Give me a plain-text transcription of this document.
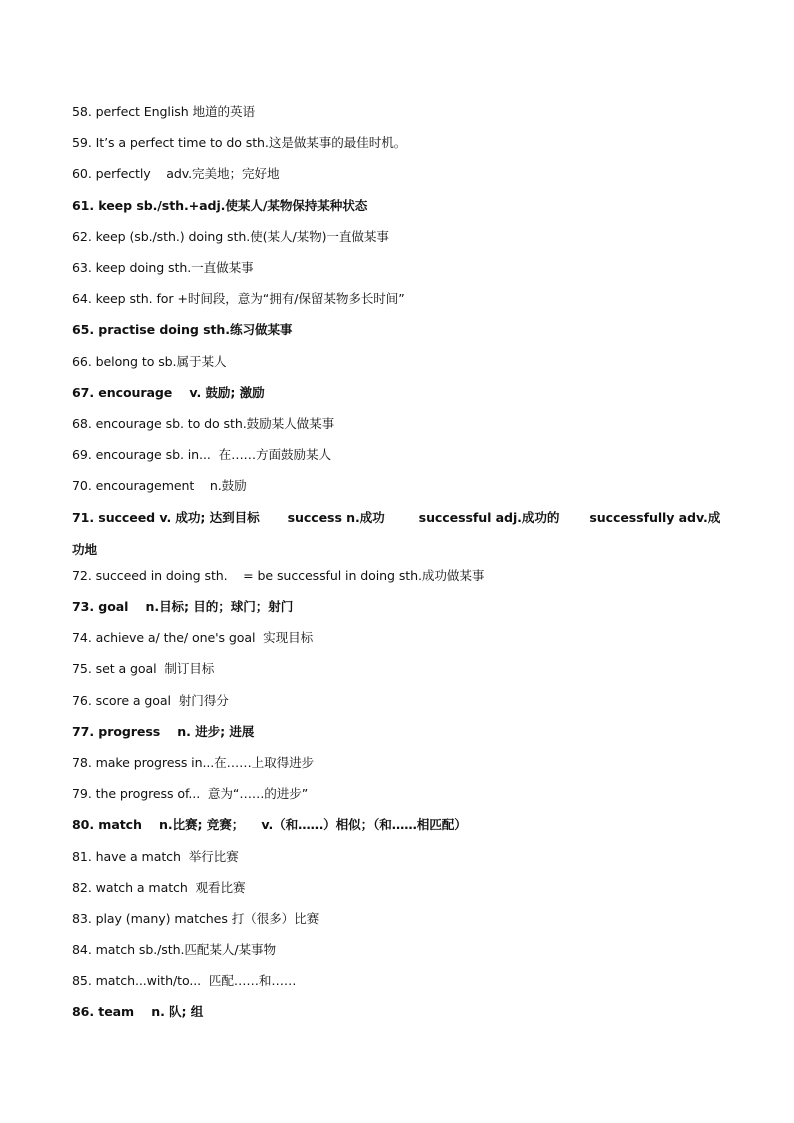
58. perfect English 地道的英语
59. It’s a perfect time to do sth.这是做某事的最佳时机。
60. perfectly    adv.完美地；完好地
61. keep sb./sth.+adj.使某人/某物保持某种状态
62. keep (sb./sth.) doing sth.使(某人/某物)一直做某事
63. keep doing sth.一直做某事
64. keep sth. for +时间段，意为“拥有/保留某物多长时间”
65. practise doing sth.练习做某事
66. belong to sb.属于某人
67. encourage    v. 鼓励; 激励
68. encourage sb. to do sth.鼓励某人做某事
69. encourage sb. in...  在……方面鼓励某人
70. encouragement    n.鼓励
71. succeed v. 成功; 达到目标 success n.成功	successful adj.成功的 successfully adv.成
功地
72. succeed in doing sth.    = be successful in doing sth.成功做某事
73. goal    n.目标; 目的；球门；射门
74. achieve a/ the/ one's goal  实现目标
75. set a goal  制订目标
76. score a goal  射门得分
77. progress    n. 进步; 进展
78. make progress in...在……上取得进步
79. the progress of...  意为“……的进步”
80. match    n.比赛; 竞赛；    v.（和……）相似；（和……相匹配）
81. have a match  举行比赛
82. watch a match  观看比赛
83. play (many) matches 打（很多）比赛
84. match sb./sth.匹配某人/某事物
85. match...with/to...  匹配……和……
86. team    n. 队; 组
